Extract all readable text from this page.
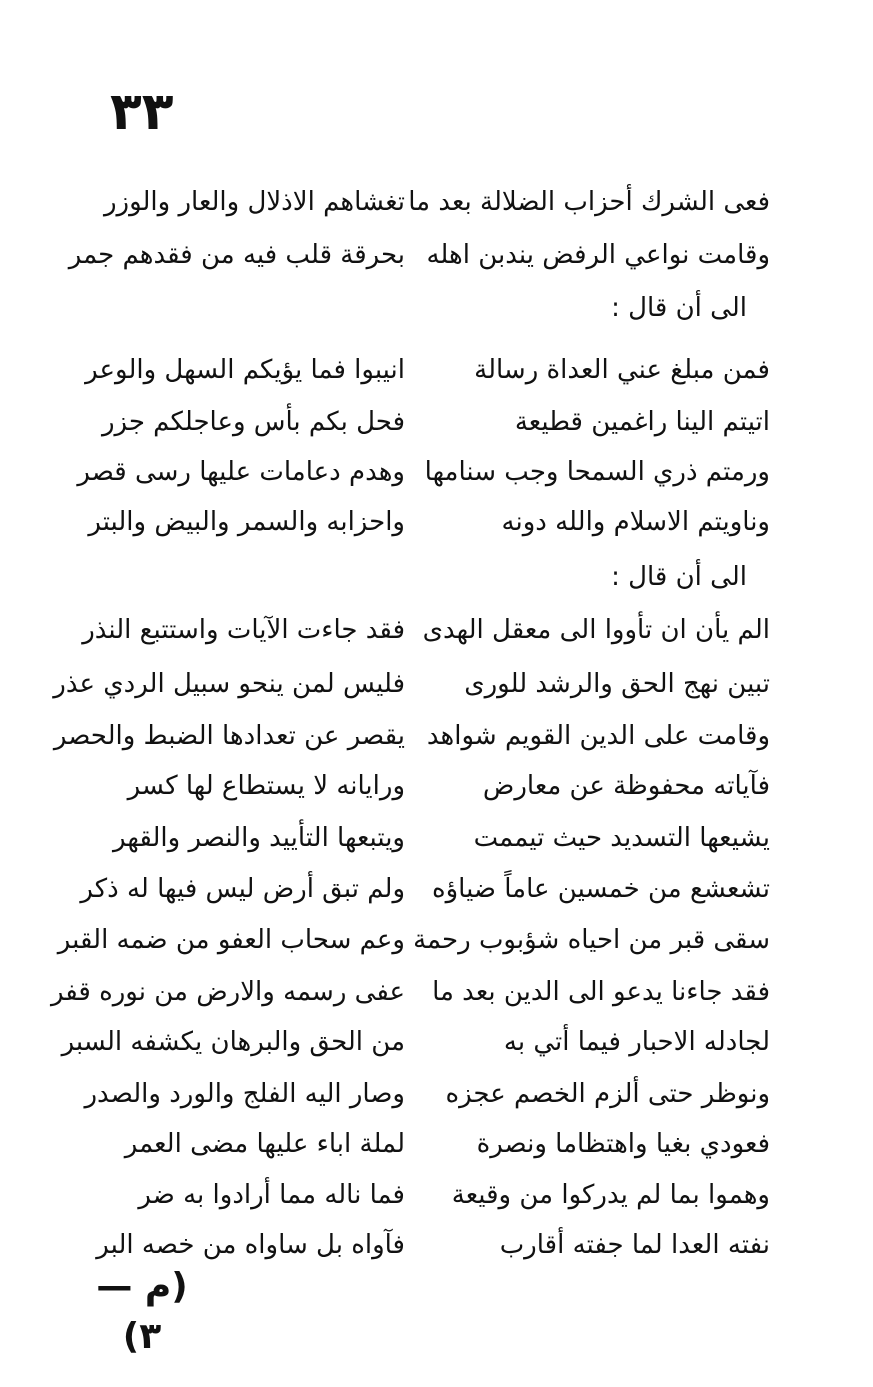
٣٣
فعى الشرك أحزاب الضلالة بعد ما
تغشاهم الاذلال والعار والوزر
وقامت نواعي الرفض يندبن اهله
بحرقة قلب فيه من فقدهم جمر
الى أن قال :
فمن مبلغ عني العداة رسالة
انيبوا فما يؤيكم السهل والوعر
اتيتم الينا راغمين قطيعة
فحل بكم بأس وعاجلكم جزر
ورمتم ذري السمحا وجب سنامها
وهدم دعامات عليها رسى قصر
وناويتم الاسلام والله دونه
واحزابه والسمر والبيض والبتر
الى أن قال :
الم يأن ان تأووا الى معقل الهدى
فقد جاءت الآيات واستتبع النذر
تبين نهج الحق والرشد للورى
فليس لمن ينحو سبيل الردي عذر
وقامت على الدين القويم شواهد
يقصر عن تعدادها الضبط والحصر
فآياته محفوظة عن معارض
ورايانه لا يستطاع لها كسر
يشيعها التسديد حيث تيممت
ويتبعها التأييد والنصر والقهر
تشعشع من خمسين عاماً ضياؤه
ولم تبق أرض ليس فيها له ذكر
سقى قبر من احياه شؤبوب رحمة
وعم سحاب العفو من ضمه القبر
فقد جاءنا يدعو الى الدين بعد ما
عفى رسمه والارض من نوره قفر
لجادله الاحبار فيما أتي به
من الحق والبرهان يكشفه السبر
ونوظر حتى ألزم الخصم عجزه
وصار اليه الفلج والورد والصدر
فعودي بغيا واهتظاما ونصرة
لملة اباء عليها مضى العمر
وهموا بما لم يدركوا من وقيعة
فما ناله مما أرادوا به ضر
نفته العدا لما جفته أقارب
فآواه بل ساواه من خصه البر
(م — ٣)
